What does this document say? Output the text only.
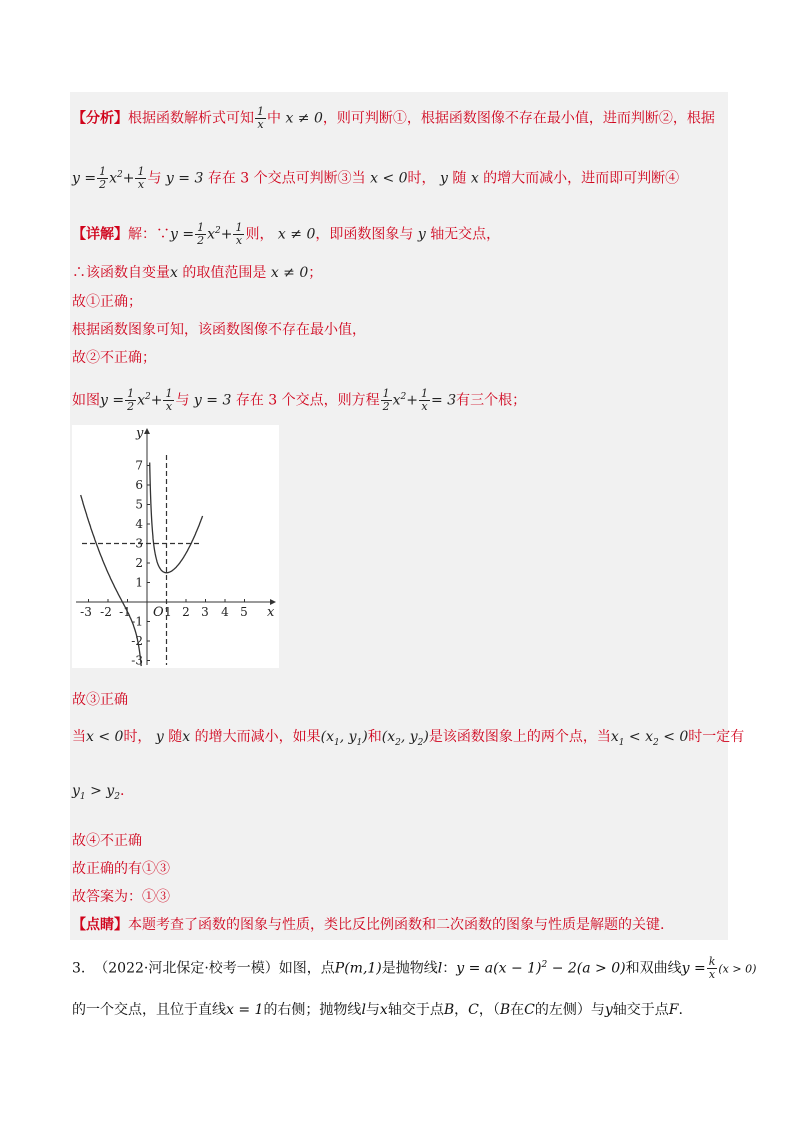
【分析】根据函数解析式可知 $\frac{1}{x}$ 中 x ≠ 0，则可判断①，根据函数图像不存在最小值，进而判断②，根据
$y = \frac{1}{2} x^2+ \frac{1}{x}$ 与 y = 3 存在 3 个交点可判断③当 x < 0时， y 随 x 的增大而减小，进而即可判断④
【详解】解：∵y = $\frac{1}{2} x^2+ \frac{1}{x}$ 则， x ≠ 0，即函数图象与 y 轴无交点，
∴该函数自变量x 的取值范围是 x ≠ 0；
故①正确；
根据函数图象可知，该函数图像不存在最小值，
故②不正确；
如图$y = \frac{1}{2} x^2+ \frac{1}{x}$ 与 y = 3 存在 3 个交点，则方程 $\frac{1}{2} x^2+ \frac{1}{x} = 3$有三个根；
-3 -2 -1	1 2 3 4 5
7
6
5
4
3
2
1
-1
-2
-3
O	x
y
故③正确
当x < 0时， y 随x 的增大而减小，如果($x_1$, $y_1$)和($x_2$, $y_2$)是该函数图象上的两个点，当$x_1 < x_2 < 0$时一定有
$y_1 > y_2$.
故④不正确
故正确的有①③
故答案为：①③
【点睛】本题考查了函数的图象与性质，类比反比例函数和二次函数的图象与性质是解题的关键.
3. （2022·河北保定·校考一模）如图，点P(m,1)是抛物线l：$y = a(x - 1)^2 - 2(a > 0)$和双曲线$y = \frac{k}{x} (x > 0)$
的一个交点，且位于直线x = 1的右侧；抛物线l与x轴交于点B，C，（B在C的左侧）与y轴交于点F.
